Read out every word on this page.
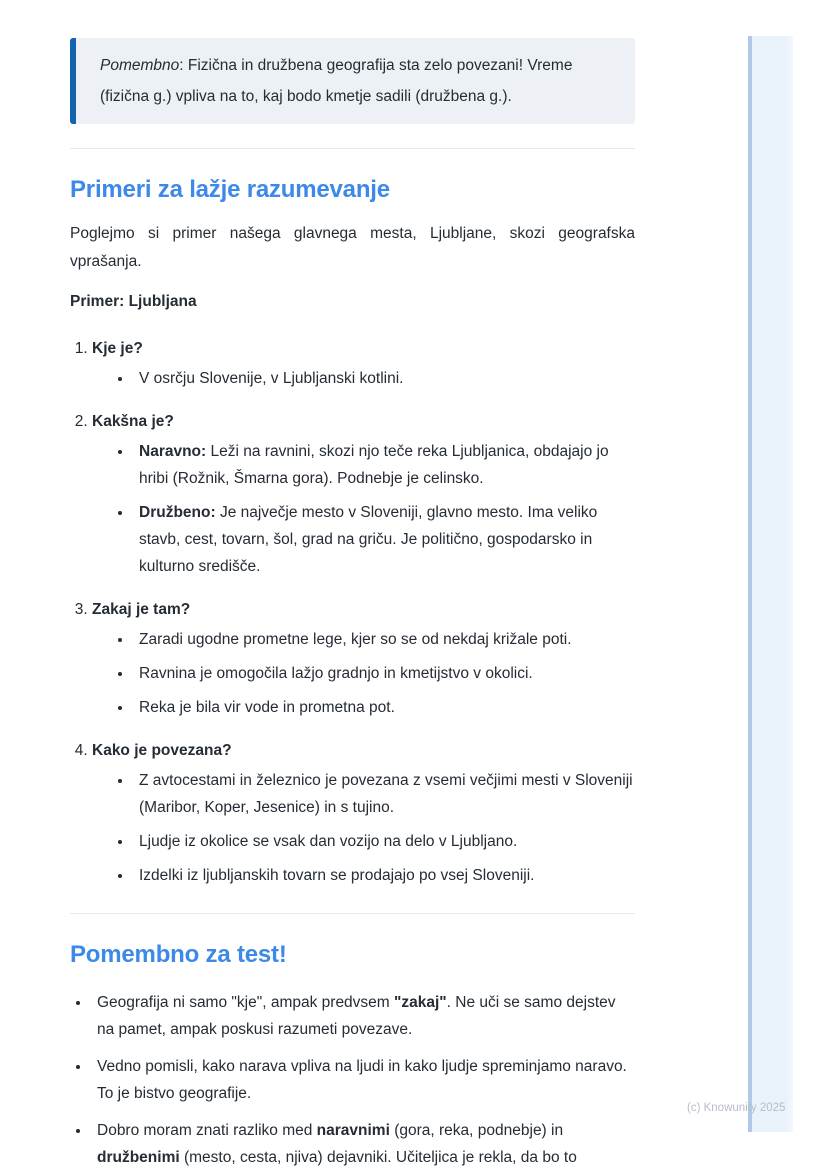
Pomembno: Fizična in družbena geografija sta zelo povezani! Vreme (fizična g.) vpliva na to, kaj bodo kmetje sadili (družbena g.).

Primeri za lažje razumevanje

Poglejmo si primer našega glavnega mesta, Ljubljane, skozi geografska vprašanja.

Primer: Ljubljana

1. Kje je?
• V osrčju Slovenije, v Ljubljanski kotlini.
2. Kakšna je?
• Naravno: Leži na ravnini, skozi njo teče reka Ljubljanica, obdajajo jo hribi (Rožnik, Šmarna gora). Podnebje je celinsko.
• Družbeno: Je največje mesto v Sloveniji, glavno mesto. Ima veliko stavb, cest, tovarn, šol, grad na griču. Je politično, gospodarsko in kulturno središče.
3. Zakaj je tam?
• Zaradi ugodne prometne lege, kjer so se od nekdaj križale poti.
• Ravnina je omogočila lažjo gradnjo in kmetijstvo v okolici.
• Reka je bila vir vode in prometna pot.
4. Kako je povezana?
• Z avtocestami in železnico je povezana z vsemi večjimi mesti v Sloveniji (Maribor, Koper, Jesenice) in s tujino.
• Ljudje iz okolice se vsak dan vozijo na delo v Ljubljano.
• Izdelki iz ljubljanskih tovarn se prodajajo po vsej Sloveniji.
Pomembno za test!
• Geografija ni samo "kje", ampak predvsem "zakaj". Ne uči se samo dejstev na pamet, ampak poskusi razumeti povezave.
• Vedno pomisli, kako narava vpliva na ljudi in kako ljudje spreminjamo naravo. To je bistvo geografije.
• Dobro moram znati razliko med naravnimi (gora, reka, podnebje) in družbenimi (mesto, cesta, njiva) dejavniki. Učiteljica je rekla, da bo to
(c) Knowunity 2025
